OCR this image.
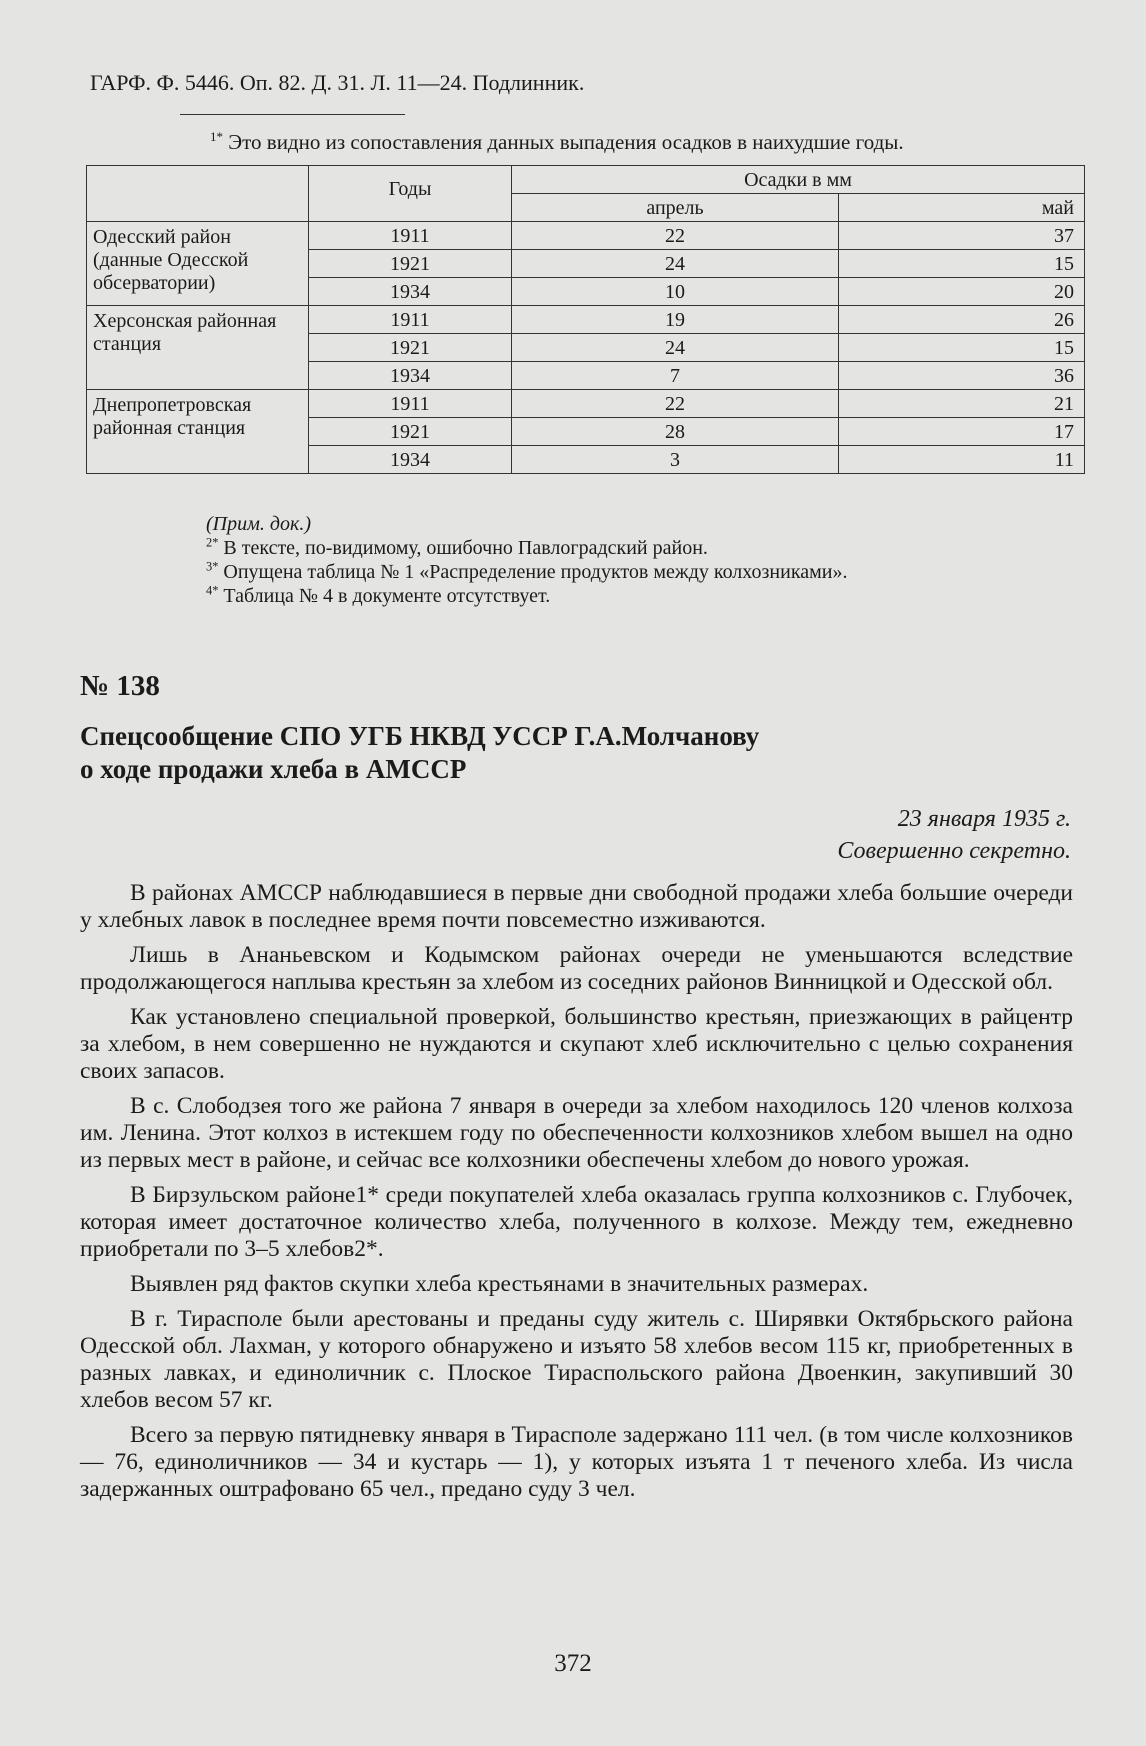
ГАРФ. Ф. 5446. Оп. 82. Д. 31. Л. 11—24. Подлинник.
$^{1*}$ Это видно из сопоставления данных выпадения осадков в наихудшие годы.
	Годы	Осадки в мм	
		апрель	май
Одесский район (данные Одесской обсерватории)	1911	22	37
	1921	24	15
	1934	10	20
Херсонская районная станция	1911	19	26
	1921	24	15
	1934	7	36
Днепропетровская районная станция	1911	22	21
	1921	28	17
	1934	3	11
(Прим. док.)
$^{2*}$ В тексте, по-видимому, ошибочно Павлоградский район.
$^{3*}$ Опущена таблица № 1 «Распределение продуктов между колхозниками».
$^{4*}$ Таблица № 4 в документе отсутствует.
№ 138
Спецсообщение СПО УГБ НКВД УССР Г.А.Молчанову
о ходе продажи хлеба в АМССР
23 января 1935 г.
Совершенно секретно.

В районах АМССР наблюдавшиеся в первые дни свободной продажи хлеба большие очереди у хлебных лавок в последнее время почти повсеместно изживаются.

Лишь в Ананьевском и Кодымском районах очереди не уменьшаются вследствие продолжающегося наплыва крестьян за хлебом из соседних районов Винницкой и Одесской обл.

Как установлено специальной проверкой, большинство крестьян, приезжающих в райцентр за хлебом, в нем совершенно не нуждаются и скупают хлеб исключительно с целью сохранения своих запасов.

В с. Слободзея того же района 7 января в очереди за хлебом находилось 120 членов колхоза им. Ленина. Этот колхоз в истекшем году по обеспеченности колхозников хлебом вышел на одно из первых мест в районе, и сейчас все колхозники обеспечены хлебом до нового урожая.

В Бирзульском районе1* среди покупателей хлеба оказалась группа колхозников с. Глубочек, которая имеет достаточное количество хлеба, полученного в колхозе. Между тем, ежедневно приобретали по 3–5 хлебов2*.

Выявлен ряд фактов скупки хлеба крестьянами в значительных размерах.

В г. Тирасполе были арестованы и преданы суду житель с. Ширявки Октябрьского района Одесской обл. Лахман, у которого обнаружено и изъято 58 хлебов весом 115 кг, приобретенных в разных лавках, и единоличник с. Плоское Тираспольского района Двоенкин, закупивший 30 хлебов весом 57 кг.

Всего за первую пятидневку января в Тирасполе задержано 111 чел. (в том числе колхозников — 76, единоличников — 34 и кустарь — 1), у которых изъята 1 т печеного хлеба. Из числа задержанных оштрафовано 65 чел., предано суду 3 чел.

372
